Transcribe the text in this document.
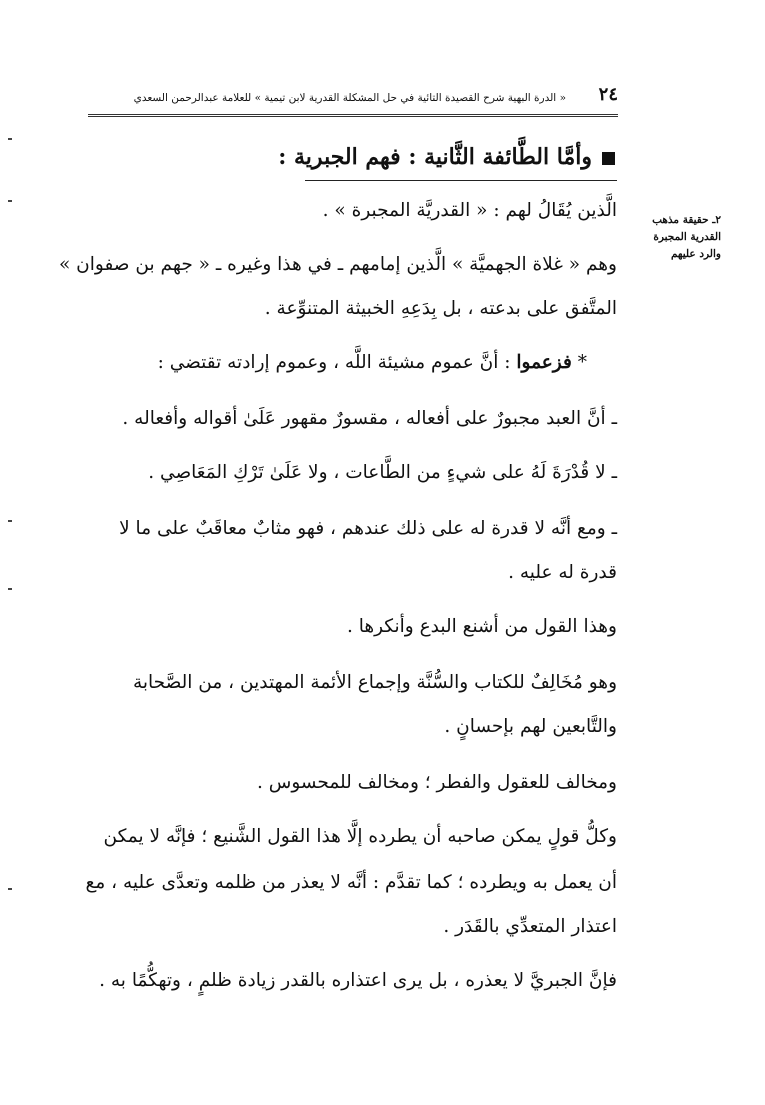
٢٤
« الدرة البهية شرح القصيدة التائية في حل المشكلة القدرية لابن تيمية » للعلامة عبدالرحمن السعدي
وأمَّا الطَّائفة الثَّانية : فهم الجبرية :
٢ـ حقيقة مذهب
القدرية المجبرة
والرد عليهم
الَّذين يُقَالُ لهم : « القدريَّة المجبرة » .
وهم « غلاة الجهميَّة » الَّذين إمامهم ـ في هذا وغيره ـ « جهم بن صفوان »
المتَّفق على بدعته ، بل بِدَعِهِ الخبيثة المتنوِّعة .
* فزعموا : أنَّ عموم مشيئة اللَّه ، وعموم إرادته تقتضي :
ـ أنَّ العبد مجبورٌ على أفعاله ، مقسورٌ مقهور عَلَىٰ أقواله وأفعاله .
ـ لا قُدْرَةَ لَهُ على شيءٍ من الطَّاعات ، ولا عَلَىٰ تَرْكِ المَعَاصِي .
ـ ومع أنَّه لا قدرة له على ذلك عندهم ، فهو مثابٌ معاقَبٌ على ما لا
قدرة له عليه .
وهذا القول من أشنع البدع وأنكرها .
وهو مُخَالِفٌ للكتاب والسُّنَّة وإجماع الأئمة المهتدين ، من الصَّحابة
والتَّابعين لهم بإحسانٍ .
ومخالف للعقول والفطر ؛ ومخالف للمحسوس .
وكلُّ قولٍ يمكن صاحبه أن يطرده إلَّا هذا القول الشَّنيع ؛ فإنَّه لا يمكن
أن يعمل به ويطرده ؛ كما تقدَّم : أنَّه لا يعذر من ظلمه وتعدَّى عليه ، مع
اعتذار المتعدِّي بالقَدَر .
فإنَّ الجبريَّ لا يعذره ، بل يرى اعتذاره بالقدر زيادة ظلمٍ ، وتهكُّمًا به .
